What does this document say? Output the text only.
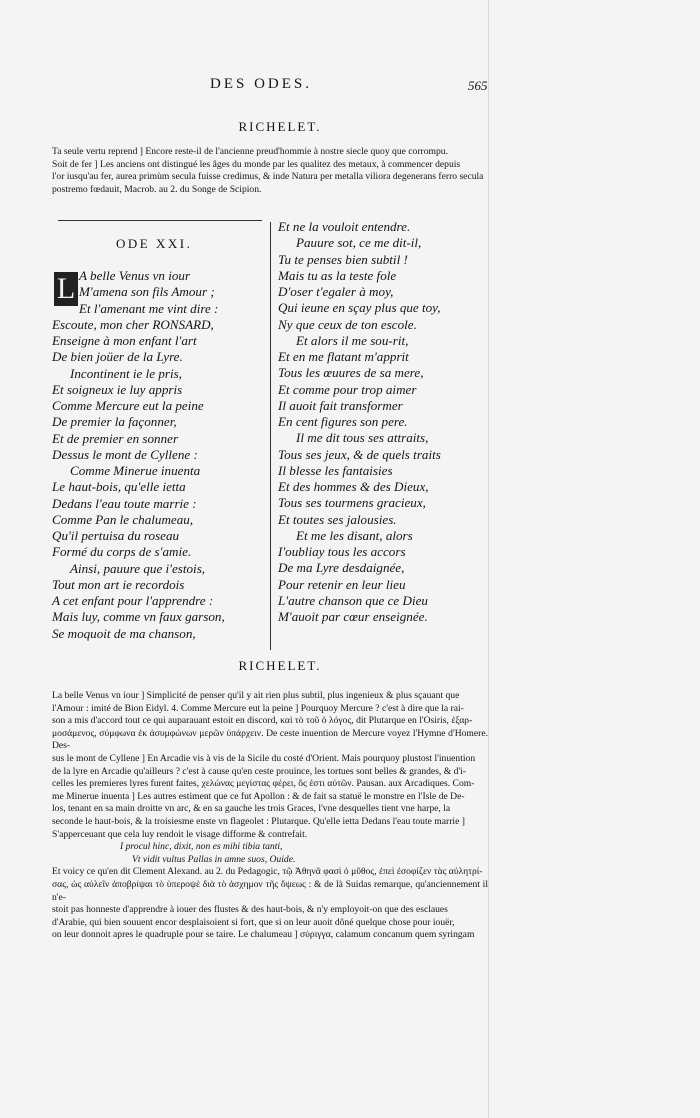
DES ODES.	565
RICHELET.
Ta seule vertu reprend ] Encore reste-il de l'ancienne preud'hommie à nostre siecle quoy que corrompu.
Soit de fer ] Les anciens ont distingué les âges du monde par les qualitez des metaux, à commencer depuis
l'or iusqu'au fer, aurea primùm secula fuisse credimus, & inde Natura per metalla viliora degenerans ferro secula
postremo fœdauit, Macrob. au 2. du Songe de Scipion.
ODE XXI.
L A belle Venus vn iour
M'amena son fils Amour ;
Et l'amenant me vint dire :
Escoute, mon cher RONSARD,
Enseigne à mon enfant l'art
De bien joüer de la Lyre.
Incontinent ie le pris,
Et soigneux ie luy appris
Comme Mercure eut la peine
De premier la façonner,
Et de premier en sonner
Dessus le mont de Cyllene :
Comme Minerue inuenta
Le haut-bois, qu'elle ietta
Dedans l'eau toute marrie :
Comme Pan le chalumeau,
Qu'il pertuisa du roseau
Formé du corps de s'amie.
Ainsi, pauure que i'estois,
Tout mon art ie recordois
A cet enfant pour l'apprendre :
Mais luy, comme vn faux garson,
Se moquoit de ma chanson,
Et ne la vouloit entendre.
Pauure sot, ce me dit-il,
Tu te penses bien subtil !
Mais tu as la teste fole
D'oser t'egaler à moy,
Qui ieune en sçay plus que toy,
Ny que ceux de ton escole.
Et alors il me sou-rit,
Et en me flatant m'apprit
Tous les œuures de sa mere,
Et comme pour trop aimer
Il auoit fait transformer
En cent figures son pere.
Il me dit tous ses attraits,
Tous ses jeux, & de quels traits
Il blesse les fantaisies
Et des hommes & des Dieux,
Tous ses tourmens gracieux,
Et toutes ses jalousies.
Et me les disant, alors
I'oubliay tous les accors
De ma Lyre desdaignée,
Pour retenir en leur lieu
L'autre chanson que ce Dieu
M'auoit par cœur enseignée.
RICHELET.
La belle Venus vn iour ] Simplicité de penser qu'il y ait rien plus subtil, plus ingenieux & plus sçauant que
l'Amour : imité de Bion Eidyl. 4. Comme Mercure eut la peine ] Pourquoy Mercure ? c'est à dire que la rai-
son a mis d'accord tout ce qui auparauant estoit en discord, καὶ τὸ τοῦ ὁ λόγος, dit Plutarque en l'Osiris, ἐξαρ-
μοσάμενος, σύμφωνα ἐκ ἀσυμφώνων μερῶν ὑπάρχειν. De ceste inuention de Mercure voyez l'Hymne d'Homere. Des-
sus le mont de Cyllene ] En Arcadie vis à vis de la Sicile du costé d'Orient. Mais pourquoy plustost l'inuention
de la lyre en Arcadie qu'ailleurs ? c'est à cause qu'en ceste prouince, les tortues sont belles & grandes, & d'i-
celles les premieres lyres furent faites, χελώνας μεγίστας φέρει, ὅς ἐστι αὐτῶν. Pausan. aux Arcadiques. Com-
me Minerue inuenta ] Les autres estiment que ce fut Apollon : & de fait sa statuë le monstre en l'Isle de De-
los, tenant en sa main droitte vn arc, & en sa gauche les trois Graces, l'vne desquelles tient vne harpe, la
seconde le haut-bois, & la troisiesme enste vn flageolet : Plutarque. Qu'elle ietta Dedans l'eau toute marrie ]
S'apperceuant que cela luy rendoit le visage difforme & contrefait.
I procul hinc, dixit, non es mihi tibia tanti,
Vt vidit vultus Pallas in amne suos, Ouide.
Et voicy ce qu'en dit Clement Alexand. au 2. du Pedagogic, τῷ Ἀθηνᾶ φασὶ ὁ μῦθος, ἐπεὶ ἐσοφίζεν τὰς αὐλητρί-
σας, ὡς αὐλεῖν ἀποβρίψαι τὸ ὑπεροψὲ διὰ τὸ ἀσχημον τῆς ὄψεως : & de là Suidas remarque, qu'anciennement il n'e-
stoit pas honneste d'apprendre à iouer des flustes & des haut-bois, & n'y employoit-on que des esclaues
d'Arabie, qui bien souuent encor desplaisoient si fort, que si on leur auoit dôné quelque chose pour iouër,
on leur donnoit apres le quadruple pour se taire. Le chalumeau ] σύριγγα, calamum concanum quem syringam
